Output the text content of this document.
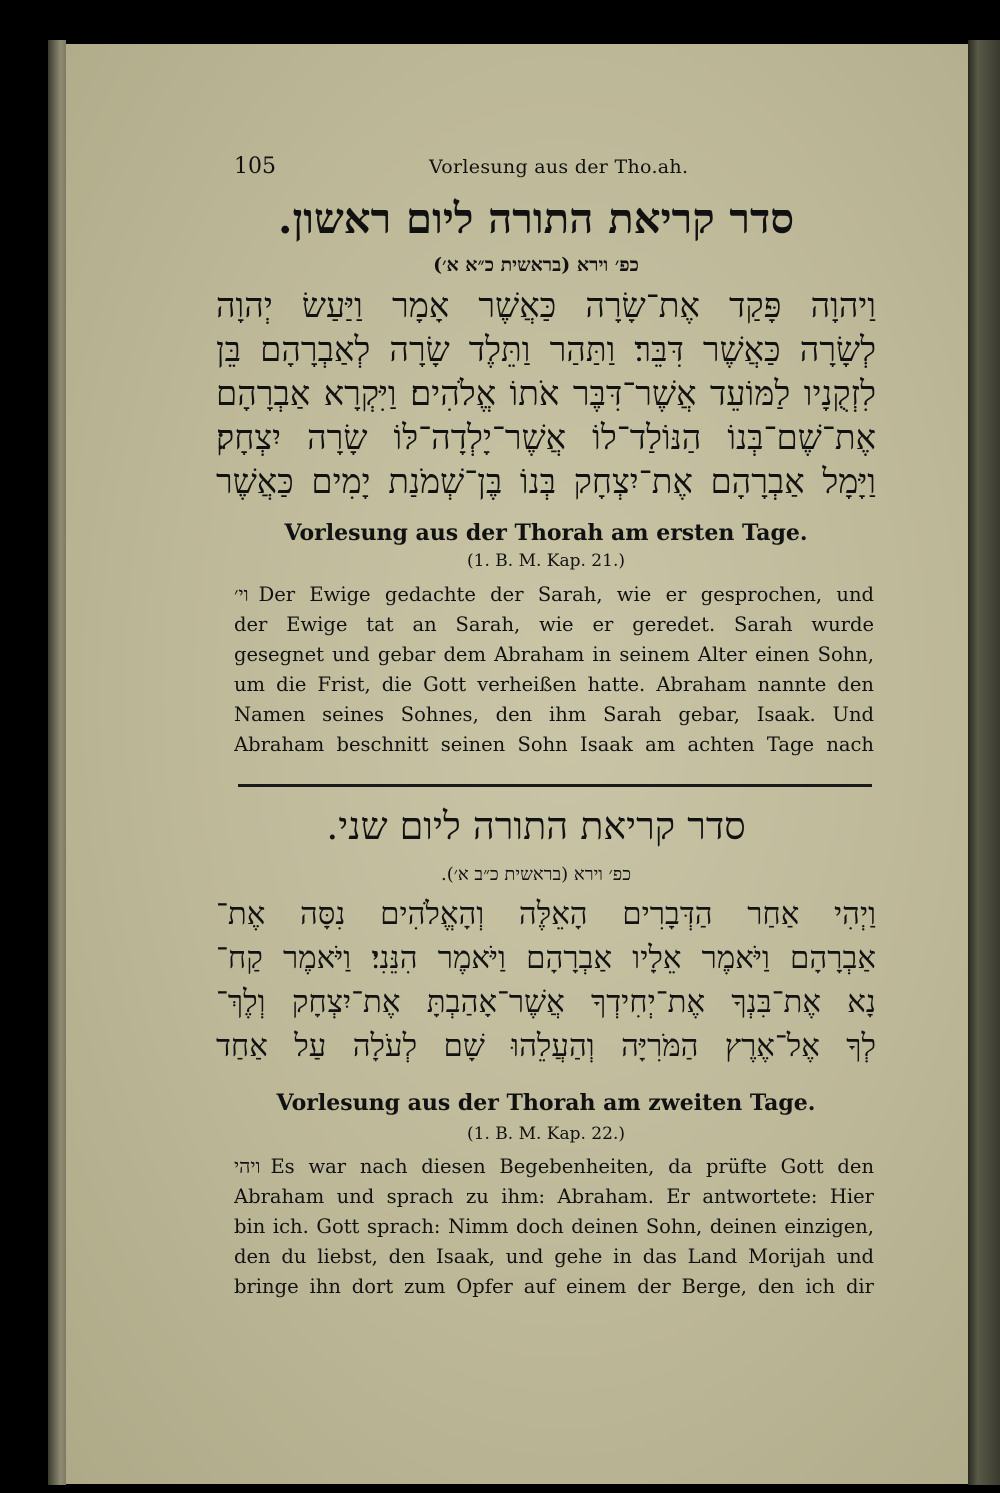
105	Vorlesung aus der Tho.ah.
סדר קריאת התורה ליום ראשון.
כפ׳ וירא (בראשית כ״א א׳)
וַיהוָה פָּקַד אֶת־שָׂרָה כַּאֲשֶׁר אָמָר וַיַּעַשׂ יְהוָה
לְשָׂרָה כַּאֲשֶׁר דִּבֵּר׃ וַתַּהַר וַתֵּלֶד שָׂרָה לְאַבְרָהָם בֵּן
לִזְקֻנָיו לַמּוֹעֵד אֲשֶׁר־דִּבֶּר אֹתוֹ אֱלֹהִים׃ וַיִּקְרָא אַבְרָהָם
אֶת־שֶׁם־בְּנוֹ הַנּוֹלַד־לוֹ אֲשֶׁר־יָלְדָה־לּוֹ שָׂרָה יִצְחָק׃
וַיָּמָל אַבְרָהָם אֶת־יִצְחָק בְּנוֹ בֶּן־שְׁמֹנַת יָמִים כַּאֲשֶׁר
Vorlesung aus der Thorah am ersten Tage.
(1. B. M. Kap. 21.)
וי׳ Der Ewige gedachte der Sarah, wie er gesprochen, und
der Ewige tat an Sarah, wie er geredet. Sarah wurde
gesegnet und gebar dem Abraham in seinem Alter einen Sohn,
um die Frist, die Gott verheißen hatte. Abraham nannte den
Namen seines Sohnes, den ihm Sarah gebar, Isaak. Und
Abraham beschnitt seinen Sohn Isaak am achten Tage nach
סדר קריאת התורה ליום שני.
כפ׳ וירא (בראשית כ״ב א׳).
וַיְהִי אַחַר הַדְּבָרִים הָאֵלֶּה וְהָאֱלֹהִים נִסָּה אֶת־
אַבְרָהָם וַיֹּאמֶר אֵלָיו אַבְרָהָם וַיֹּאמֶר הִנֵּנִי׃ וַיֹּאמֶר קַח־
נָא אֶת־בִּנְךָ אֶת־יְחִידְךָ אֲשֶׁר־אָהַבְתָּ אֶת־יִצְחָק וְלֶךְ־
לְךָ אֶל־אֶרֶץ הַמֹּרִיָּה וְהַעֲלֵהוּ שָׁם לְעֹלָה עַל אַחַד
Vorlesung aus der Thorah am zweiten Tage.
(1. B. M. Kap. 22.)
ויהי Es war nach diesen Begebenheiten, da prüfte Gott den
Abraham und sprach zu ihm: Abraham. Er antwortete: Hier
bin ich. Gott sprach: Nimm doch deinen Sohn, deinen einzigen,
den du liebst, den Isaak, und gehe in das Land Morijah und
bringe ihn dort zum Opfer auf einem der Berge, den ich dir
